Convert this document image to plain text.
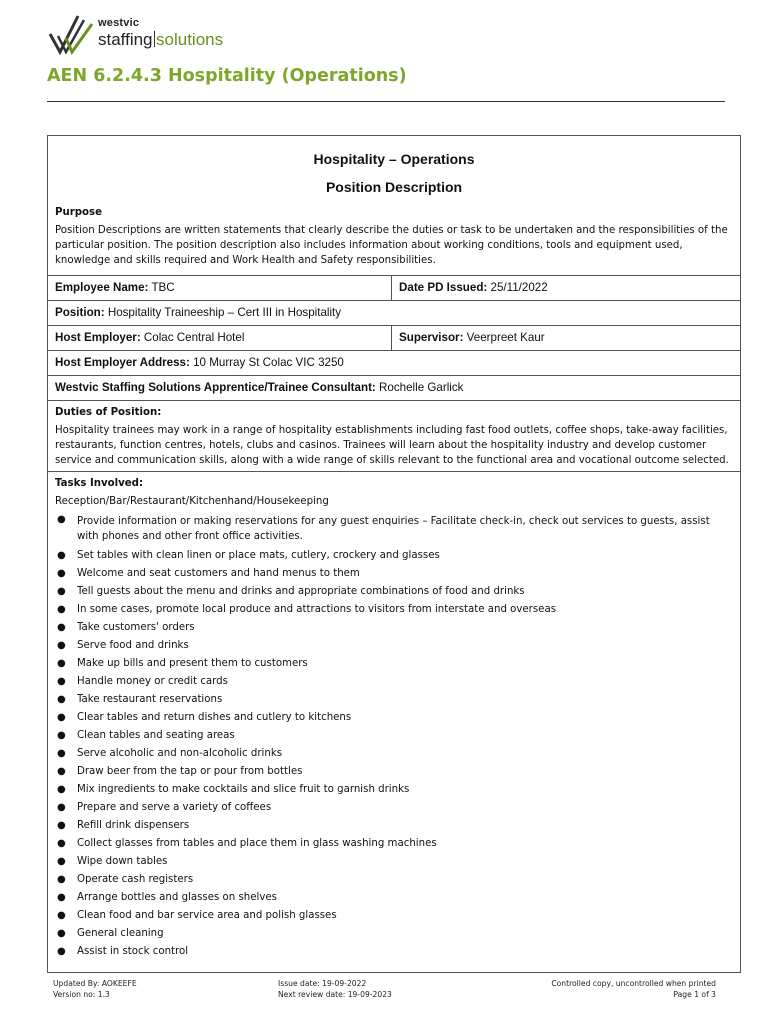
westvic
staffing solutions
AEN 6.2.4.3 Hospitality (Operations)
Hospitality – Operations
Position Description
Purpose
Position Descriptions are written statements that clearly describe the duties or task to be undertaken and the responsibilities of the particular position. The position description also includes information about working conditions, tools and equipment used, knowledge and skills required and Work Health and Safety responsibilities.
Employee Name: TBC	Date PD Issued: 25/11/2022
Position: Hospitality Traineeship – Cert III in Hospitality
Host Employer: Colac Central Hotel	Supervisor: Veerpreet Kaur
Host Employer Address: 10 Murray St Colac VIC 3250
Westvic Staffing Solutions Apprentice/Trainee Consultant: Rochelle Garlick
Duties of Position:
Hospitality trainees may work in a range of hospitality establishments including fast food outlets, coffee shops, take-away facilities, restaurants, function centres, hotels, clubs and casinos. Trainees will learn about the hospitality industry and develop customer service and communication skills, along with a wide range of skills relevant to the functional area and vocational outcome selected.
Tasks Involved:
Reception/Bar/Restaurant/Kitchenhand/Housekeeping
● Provide information or making reservations for any guest enquiries – Facilitate check-in, check out services to guests, assist with phones and other front office activities.
● Set tables with clean linen or place mats, cutlery, crockery and glasses
● Welcome and seat customers and hand menus to them
● Tell guests about the menu and drinks and appropriate combinations of food and drinks
● In some cases, promote local produce and attractions to visitors from interstate and overseas
● Take customers' orders
● Serve food and drinks
● Make up bills and present them to customers
● Handle money or credit cards
● Take restaurant reservations
● Clear tables and return dishes and cutlery to kitchens
● Clean tables and seating areas
● Serve alcoholic and non-alcoholic drinks
● Draw beer from the tap or pour from bottles
● Mix ingredients to make cocktails and slice fruit to garnish drinks
● Prepare and serve a variety of coffees
● Refill drink dispensers
● Collect glasses from tables and place them in glass washing machines
● Wipe down tables
● Operate cash registers
● Arrange bottles and glasses on shelves
● Clean food and bar service area and polish glasses
● General cleaning
● Assist in stock control
Updated By: AOKEEFE
Version no: 1.3
Issue date: 19-09-2022
Next review date: 19-09-2023
Controlled copy, uncontrolled when printed
Page 1 of 3
